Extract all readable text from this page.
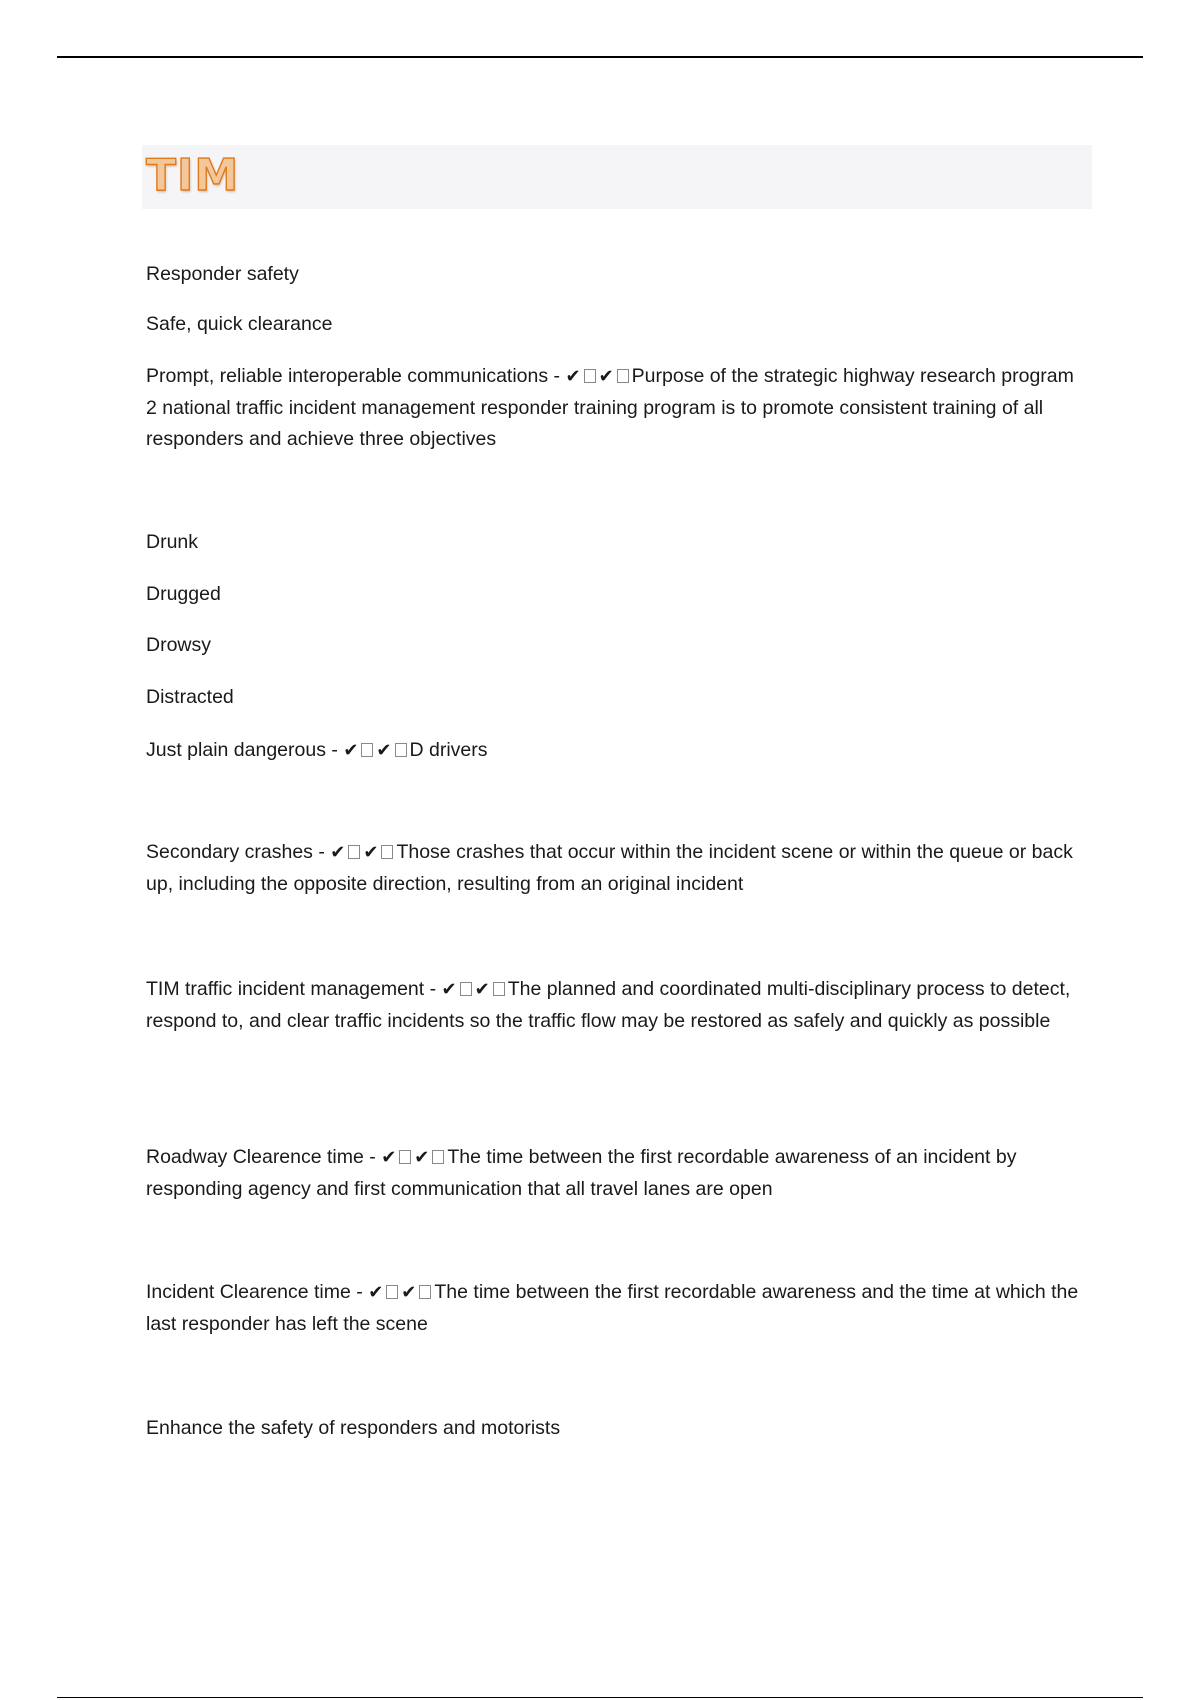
TIM

Responder safety

Safe, quick clearance

Prompt, reliable interoperable communications - ✔ ✔ Purpose of the strategic highway research program 2 national traffic incident management responder training program is to promote consistent training of all responders and achieve three objectives

Drunk

Drugged

Drowsy

Distracted

Just plain dangerous - ✔ ✔ D drivers

Secondary crashes - ✔ ✔ Those crashes that occur within the incident scene or within the queue or back up, including the opposite direction, resulting from an original incident

TIM traffic incident management - ✔ ✔ The planned and coordinated multi-disciplinary process to detect, respond to, and clear traffic incidents so the traffic flow may be restored as safely and quickly as possible

Roadway Clearence time - ✔ ✔ The time between the first recordable awareness of an incident by responding agency and first communication that all travel lanes are open

Incident Clearence time - ✔ ✔ The time between the first recordable awareness and the time at which the last responder has left the scene

Enhance the safety of responders and motorists
